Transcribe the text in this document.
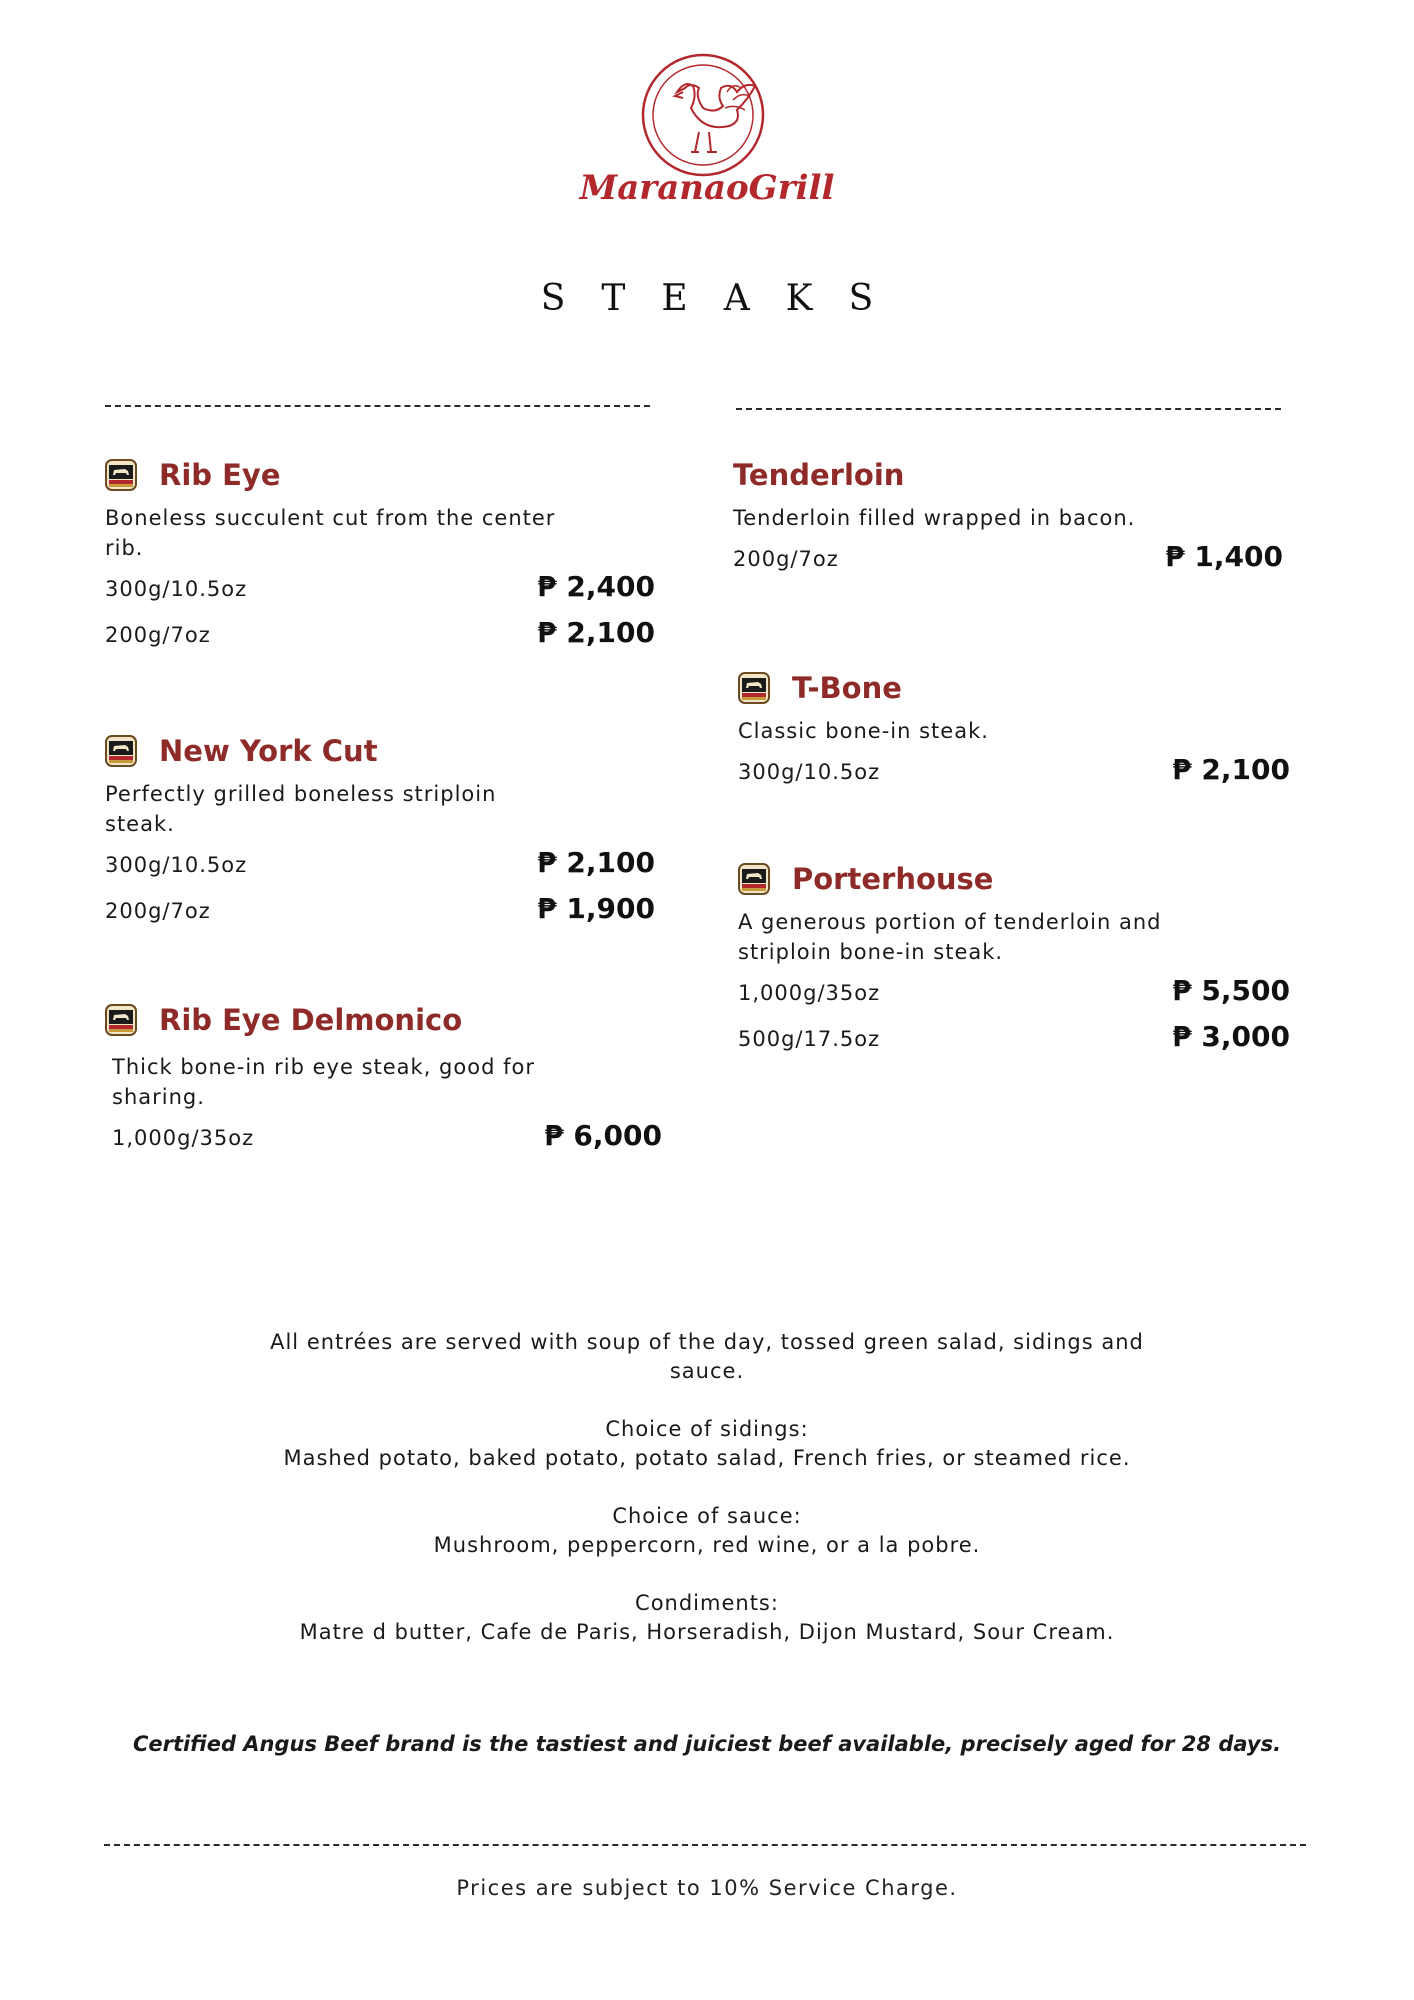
MaranaoGrill
STEAKS
Rib Eye
Boneless succulent cut from the center rib.
300g/10.5oz	₱ 2,400
200g/7oz	₱ 2,100
New York Cut
Perfectly grilled boneless striploin steak.
300g/10.5oz	₱ 2,100
200g/7oz	₱ 1,900
Rib Eye Delmonico
Thick bone-in rib eye steak, good for sharing.
1,000g/35oz	₱ 6,000
Tenderloin
Tenderloin filled wrapped in bacon.
200g/7oz	₱ 1,400
T-Bone
Classic bone-in steak.
300g/10.5oz	₱ 2,100
Porterhouse
A generous portion of tenderloin and striploin bone-in steak.
1,000g/35oz	₱ 5,500
500g/17.5oz	₱ 3,000
All entrées are served with soup of the day, tossed green salad, sidings and sauce.
Choice of sidings:
Mashed potato, baked potato, potato salad, French fries, or steamed rice.
Choice of sauce:
Mushroom, peppercorn, red wine, or a la pobre.
Condiments:
Matre d butter, Cafe de Paris, Horseradish, Dijon Mustard, Sour Cream.
Certified Angus Beef brand is the tastiest and juiciest beef available, precisely aged for 28 days.
Prices are subject to 10% Service Charge.
